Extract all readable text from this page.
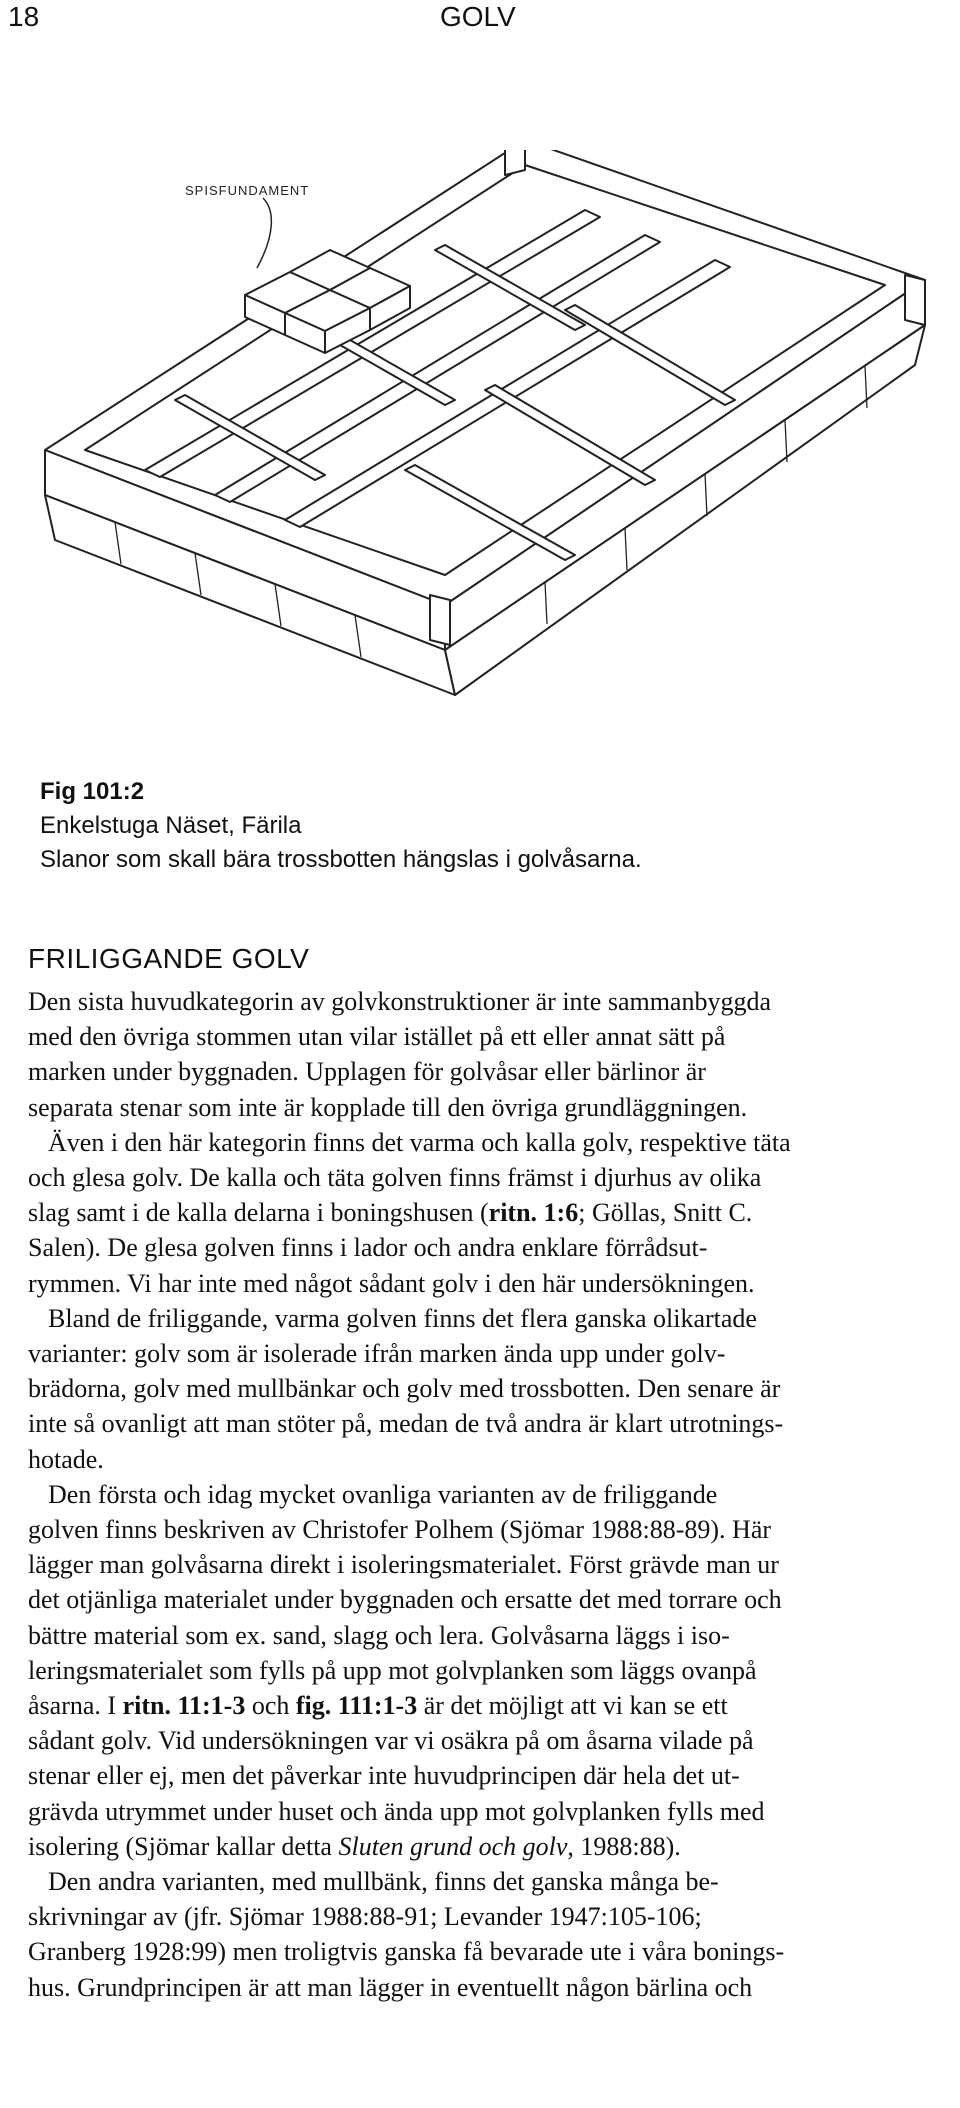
18	GOLV
SPISFUNDAMENT
Fig 101:2
Enkelstuga Näset, Färila
Slanor som skall bära trossbotten hängslas i golvåsarna.
FRILIGGANDE GOLV
Den sista huvudkategorin av golvkonstruktioner är inte sammanbyggda
med den övriga stommen utan vilar istället på ett eller annat sätt på
marken under byggnaden. Upplagen för golvåsar eller bärlinor är
separata stenar som inte är kopplade till den övriga grundläggningen.
Även i den här kategorin finns det varma och kalla golv, respektive täta
och glesa golv. De kalla och täta golven finns främst i djurhus av olika
slag samt i de kalla delarna i boningshusen (ritn. 1:6; Göllas, Snitt C.
Salen). De glesa golven finns i lador och andra enklare förrådsut-
rymmen. Vi har inte med något sådant golv i den här undersökningen.
Bland de friliggande, varma golven finns det flera ganska olikartade
varianter: golv som är isolerade ifrån marken ända upp under golv-
brädorna, golv med mullbänkar och golv med trossbotten. Den senare är
inte så ovanligt att man stöter på, medan de två andra är klart utrotnings-
hotade.
Den första och idag mycket ovanliga varianten av de friliggande
golven finns beskriven av Christofer Polhem (Sjömar 1988:88-89). Här
lägger man golvåsarna direkt i isoleringsmaterialet. Först grävde man ur
det otjänliga materialet under byggnaden och ersatte det med torrare och
bättre material som ex. sand, slagg och lera. Golvåsarna läggs i iso-
leringsmaterialet som fylls på upp mot golvplanken som läggs ovanpå
åsarna. I ritn. 11:1-3 och fig. 111:1-3 är det möjligt att vi kan se ett
sådant golv. Vid undersökningen var vi osäkra på om åsarna vilade på
stenar eller ej, men det påverkar inte huvudprincipen där hela det ut-
grävda utrymmet under huset och ända upp mot golvplanken fylls med
isolering (Sjömar kallar detta Sluten grund och golv, 1988:88).
Den andra varianten, med mullbänk, finns det ganska många be-
skrivningar av (jfr. Sjömar 1988:88-91; Levander 1947:105-106;
Granberg 1928:99) men troligtvis ganska få bevarade ute i våra bonings-
hus. Grundprincipen är att man lägger in eventuellt någon bärlina och
